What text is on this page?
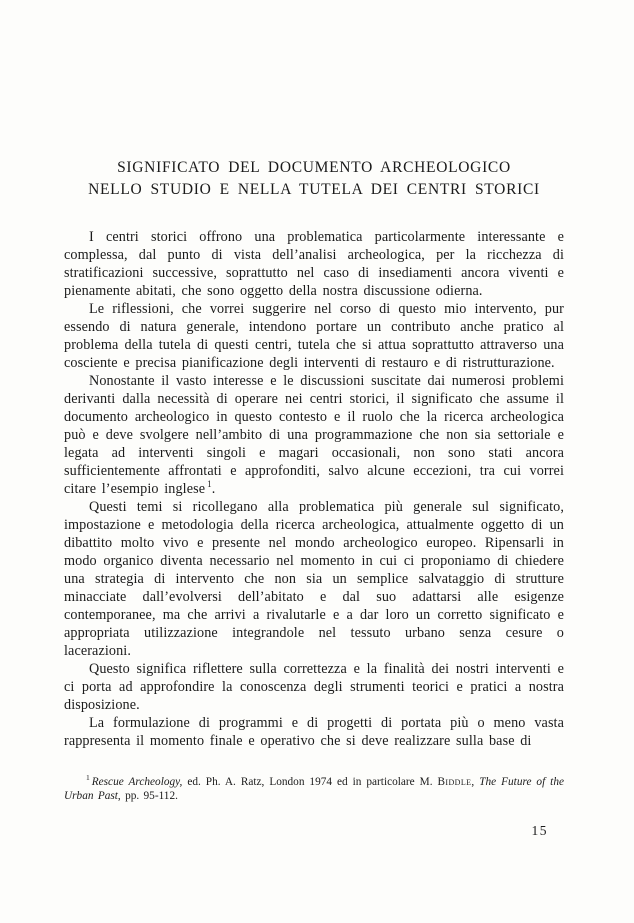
SIGNIFICATO DEL DOCUMENTO ARCHEOLOGICO
NELLO STUDIO E NELLA TUTELA DEI CENTRI STORICI

I centri storici offrono una problematica particolarmente interessante e complessa, dal punto di vista dell’analisi archeologica, per la ricchezza di stratificazioni successive, soprattutto nel caso di insediamenti ancora viventi e pienamente abitati, che sono oggetto della nostra discussione odierna.

Le riflessioni, che vorrei suggerire nel corso di questo mio intervento, pur essendo di natura generale, intendono portare un contributo anche pratico al problema della tutela di questi centri, tutela che si attua soprattutto attraverso una cosciente e precisa pianificazione degli interventi di restauro e di ristrutturazione.

Nonostante il vasto interesse e le discussioni suscitate dai numerosi problemi derivanti dalla necessità di operare nei centri storici, il significato che assume il documento archeologico in questo contesto e il ruolo che la ricerca archeologica può e deve svolgere nell’ambito di una programmazione che non sia settoriale e legata ad interventi singoli e magari occasionali, non sono stati ancora sufficientemente affrontati e approfonditi, salvo alcune eccezioni, tra cui vorrei citare l’esempio inglese $^1$.

Questi temi si ricollegano alla problematica più generale sul significato, impostazione e metodologia della ricerca archeologica, attualmente oggetto di un dibattito molto vivo e presente nel mondo archeologico europeo. Ripensarli in modo organico diventa necessario nel momento in cui ci proponiamo di chiedere una strategia di intervento che non sia un semplice salvataggio di strutture minacciate dall’evolversi dell’abitato e dal suo adattarsi alle esigenze contemporanee, ma che arrivi a rivalutarle e a dar loro un corretto significato e appropriata utilizzazione integrandole nel tessuto urbano senza cesure o lacerazioni.

Questo significa riflettere sulla correttezza e la finalità dei nostri interventi e ci porta ad approfondire la conoscenza degli strumenti teorici e pratici a nostra disposizione.

La formulazione di programmi e di progetti di portata più o meno vasta rappresenta il momento finale e operativo che si deve realizzare sulla base di

$^1$ Rescue Archeology, ed. Ph. A. Ratz, London 1974 ed in particolare M. Biddle, The Future of the Urban Past, pp. 95-112.

15
